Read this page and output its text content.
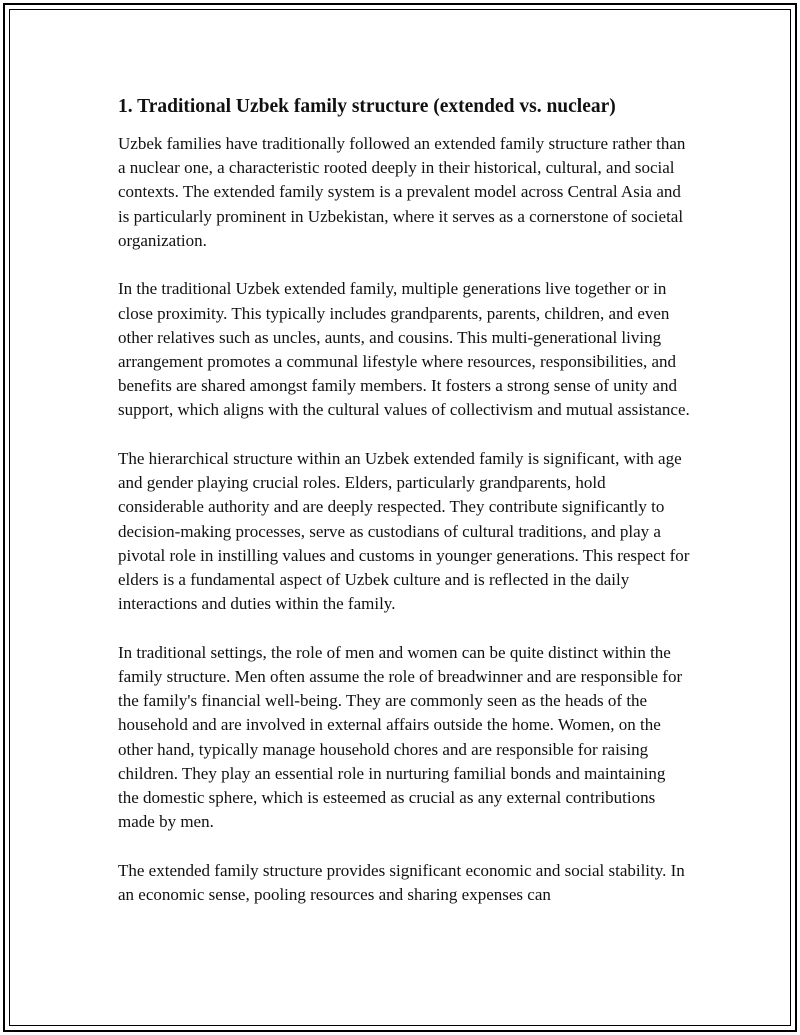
1. Traditional Uzbek family structure (extended vs. nuclear)

Uzbek families have traditionally followed an extended family structure rather than a nuclear one, a characteristic rooted deeply in their historical, cultural, and social contexts. The extended family system is a prevalent model across Central Asia and is particularly prominent in Uzbekistan, where it serves as a cornerstone of societal organization.

In the traditional Uzbek extended family, multiple generations live together or in close proximity. This typically includes grandparents, parents, children, and even other relatives such as uncles, aunts, and cousins. This multi-generational living arrangement promotes a communal lifestyle where resources, responsibilities, and benefits are shared amongst family members. It fosters a strong sense of unity and support, which aligns with the cultural values of collectivism and mutual assistance.

The hierarchical structure within an Uzbek extended family is significant, with age and gender playing crucial roles. Elders, particularly grandparents, hold considerable authority and are deeply respected. They contribute significantly to decision-making processes, serve as custodians of cultural traditions, and play a pivotal role in instilling values and customs in younger generations. This respect for elders is a fundamental aspect of Uzbek culture and is reflected in the daily interactions and duties within the family.

In traditional settings, the role of men and women can be quite distinct within the family structure. Men often assume the role of breadwinner and are responsible for the family's financial well-being. They are commonly seen as the heads of the household and are involved in external affairs outside the home. Women, on the other hand, typically manage household chores and are responsible for raising children. They play an essential role in nurturing familial bonds and maintaining the domestic sphere, which is esteemed as crucial as any external contributions made by men.

The extended family structure provides significant economic and social stability. In an economic sense, pooling resources and sharing expenses can
